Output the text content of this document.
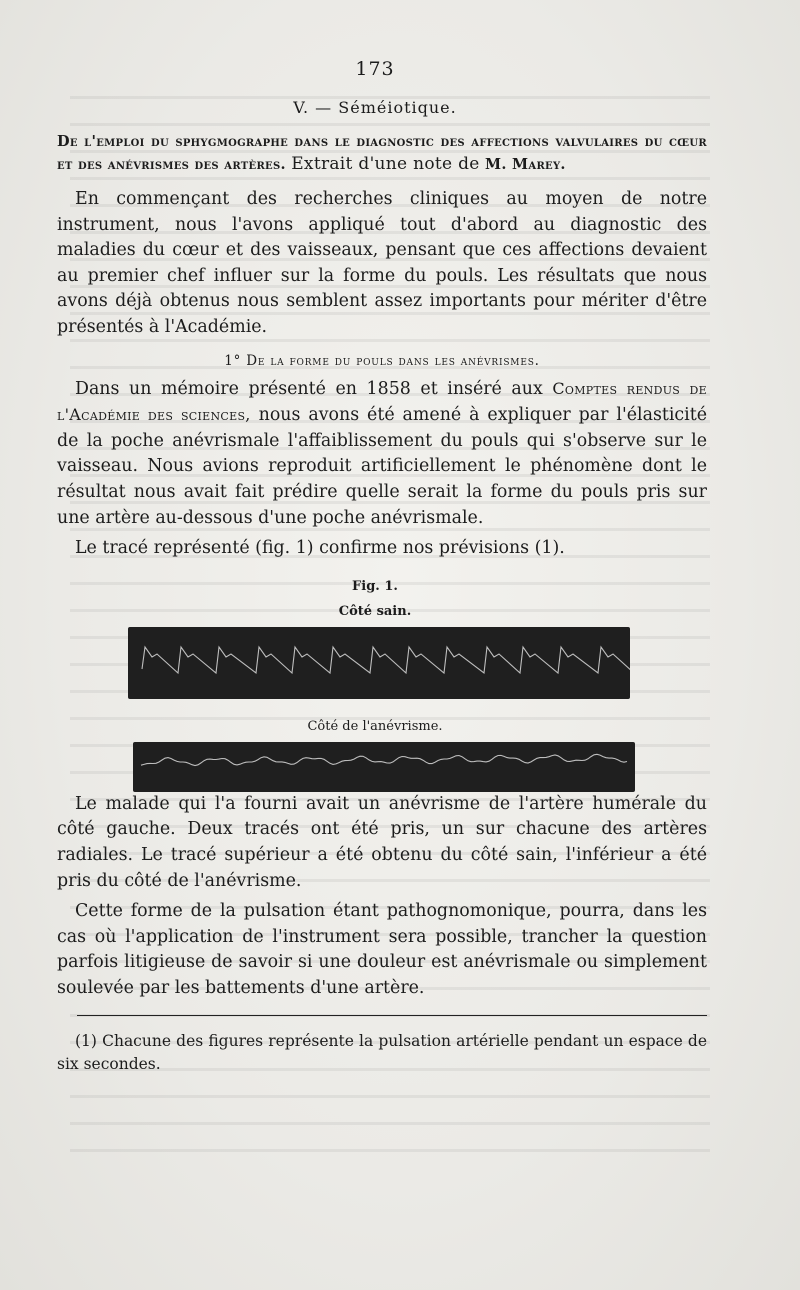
173
V. — Séméiotique.
De l'emploi du sphygmographe dans le diagnostic des affections valvulaires du cœur et des anévrismes des artères. Extrait d'une note de M. Marey.

En commençant des recherches cliniques au moyen de notre instrument, nous l'avons appliqué tout d'abord au diagnostic des maladies du cœur et des vaisseaux, pensant que ces affections devaient au premier chef influer sur la forme du pouls. Les résultats que nous avons déjà obtenus nous semblent assez importants pour mériter d'être présentés à l'Académie.

1° De la forme du pouls dans les anévrismes.

Dans un mémoire présenté en 1858 et inséré aux Comptes rendus de l'Académie des sciences, nous avons été amené à expliquer par l'élasticité de la poche anévrismale l'affaiblissement du pouls qui s'observe sur le vaisseau. Nous avions reproduit artificiellement le phénomène dont le résultat nous avait fait prédire quelle serait la forme du pouls pris sur une artère au-dessous d'une poche anévrismale.

Le tracé représenté (fig. 1) confirme nos prévisions (1).

Fig. 1.
Côté sain.
Côté de l'anévrisme.

Le malade qui l'a fourni avait un anévrisme de l'artère humérale du côté gauche. Deux tracés ont été pris, un sur chacune des artères radiales. Le tracé supérieur a été obtenu du côté sain, l'inférieur a été pris du côté de l'anévrisme.

Cette forme de la pulsation étant pathognomonique, pourra, dans les cas où l'application de l'instrument sera possible, trancher la question parfois litigieuse de savoir si une douleur est anévrismale ou simplement soulevée par les battements d'une artère.

(1) Chacune des figures représente la pulsation artérielle pendant un espace de six secondes.
